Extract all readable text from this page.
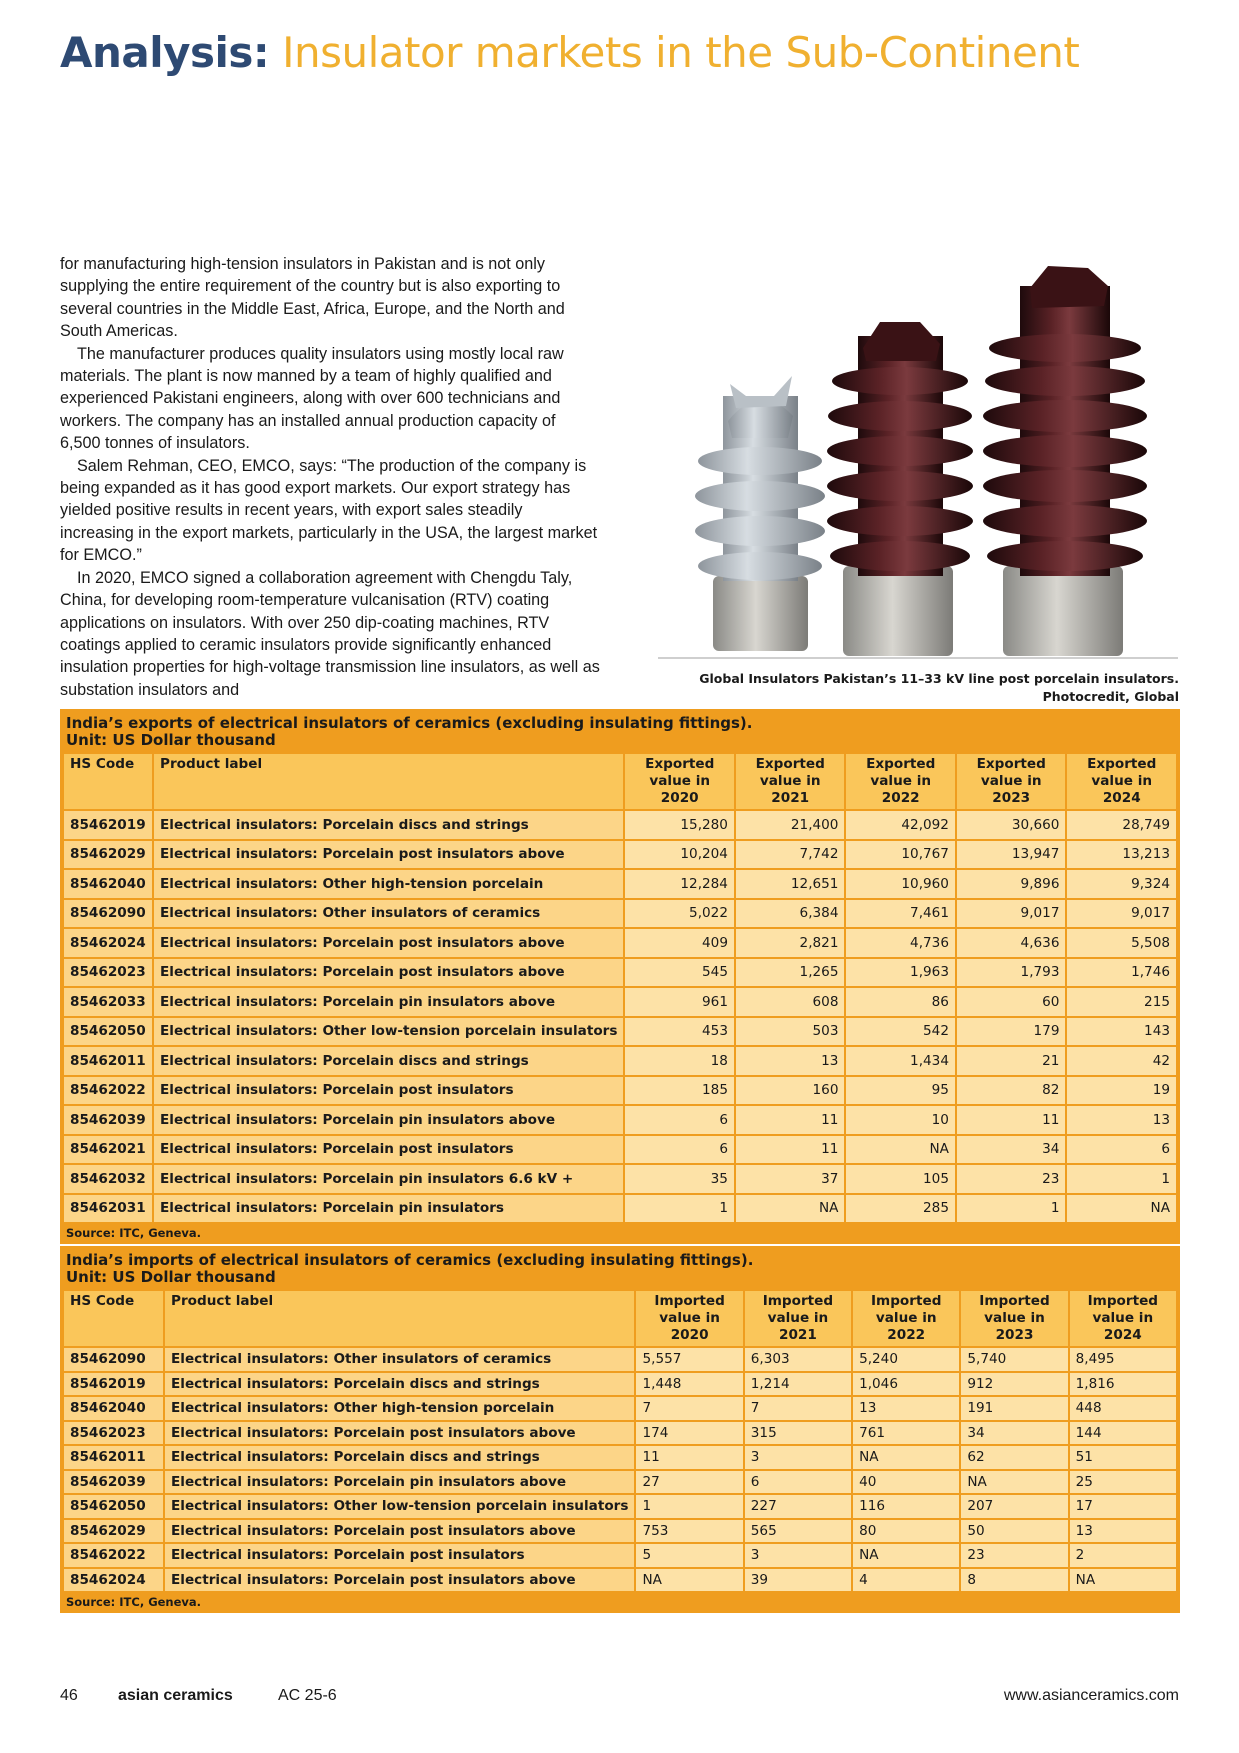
Analysis: Insulator markets in the Sub-Continent

for manufacturing high-tension insulators in Pakistan and is not only supplying the entire requirement of the country but is also exporting to several countries in the Middle East, Africa, Europe, and the North and South Americas.

The manufacturer produces quality insulators using mostly local raw materials. The plant is now manned by a team of highly qualified and experienced Pakistani engineers, along with over 600 technicians and workers. The company has an installed annual production capacity of 6,500 tonnes of insulators.

Salem Rehman, CEO, EMCO, says: “The production of the company is being expanded as it has good export markets. Our export strategy has yielded positive results in recent years, with export sales steadily increasing in the export markets, particularly in the USA, the largest market for EMCO.”

In 2020, EMCO signed a collaboration agreement with Chengdu Taly, China, for developing room-temperature vulcanisation (RTV) coating applications on insulators. With over 250 dip-coating machines, RTV coatings applied to ceramic insulators provide significantly enhanced insulation properties for high-voltage transmission line insulators, as well as substation insulators and

Global Insulators Pakistan’s 11–33 kV line post porcelain insulators.
Photocredit, Global
India’s exports of electrical insulators of ceramics (excluding insulating fittings).
Unit: US Dollar thousand
HS Code	Product label	Exported value in 2020	Exported value in 2021	Exported value in 2022	Exported value in 2023	Exported value in 2024
85462019	Electrical insulators: Porcelain discs and strings	15,280	21,400	42,092	30,660	28,749
85462029	Electrical insulators: Porcelain post insulators above	10,204	7,742	10,767	13,947	13,213
85462040	Electrical insulators: Other high-tension porcelain	12,284	12,651	10,960	9,896	9,324
85462090	Electrical insulators: Other insulators of ceramics	5,022	6,384	7,461	9,017	9,017
85462024	Electrical insulators: Porcelain post insulators above	409	2,821	4,736	4,636	5,508
85462023	Electrical insulators: Porcelain post insulators above	545	1,265	1,963	1,793	1,746
85462033	Electrical insulators: Porcelain pin insulators above	961	608	86	60	215
85462050	Electrical insulators: Other low-tension porcelain insulators	453	503	542	179	143
85462011	Electrical insulators: Porcelain discs and strings	18	13	1,434	21	42
85462022	Electrical insulators: Porcelain post insulators	185	160	95	82	19
85462039	Electrical insulators: Porcelain pin insulators above	6	11	10	11	13
85462021	Electrical insulators: Porcelain post insulators	6	11	NA	34	6
85462032	Electrical insulators: Porcelain pin insulators 6.6 kV +	35	37	105	23	1
85462031	Electrical insulators: Porcelain pin insulators	1	NA	285	1	NA
Source: ITC, Geneva.
India’s imports of electrical insulators of ceramics (excluding insulating fittings).
Unit: US Dollar thousand
HS Code	Product label	Imported value in 2020	Imported value in 2021	Imported value in 2022	Imported value in 2023	Imported value in 2024
85462090	Electrical insulators: Other insulators of ceramics	5,557	6,303	5,240	5,740	8,495
85462019	Electrical insulators: Porcelain discs and strings	1,448	1,214	1,046	912	1,816
85462040	Electrical insulators: Other high-tension porcelain	7	7	13	191	448
85462023	Electrical insulators: Porcelain post insulators above	174	315	761	34	144
85462011	Electrical insulators: Porcelain discs and strings	11	3	NA	62	51
85462039	Electrical insulators: Porcelain pin insulators above	27	6	40	NA	25
85462050	Electrical insulators: Other low-tension porcelain insulators	1	227	116	207	17
85462029	Electrical insulators: Porcelain post insulators above	753	565	80	50	13
85462022	Electrical insulators: Porcelain post insulators	5	3	NA	23	2
85462024	Electrical insulators: Porcelain post insulators above	NA	39	4	8	NA
Source: ITC, Geneva.
46	asian ceramics	AC 25-6	www.asianceramics.com
